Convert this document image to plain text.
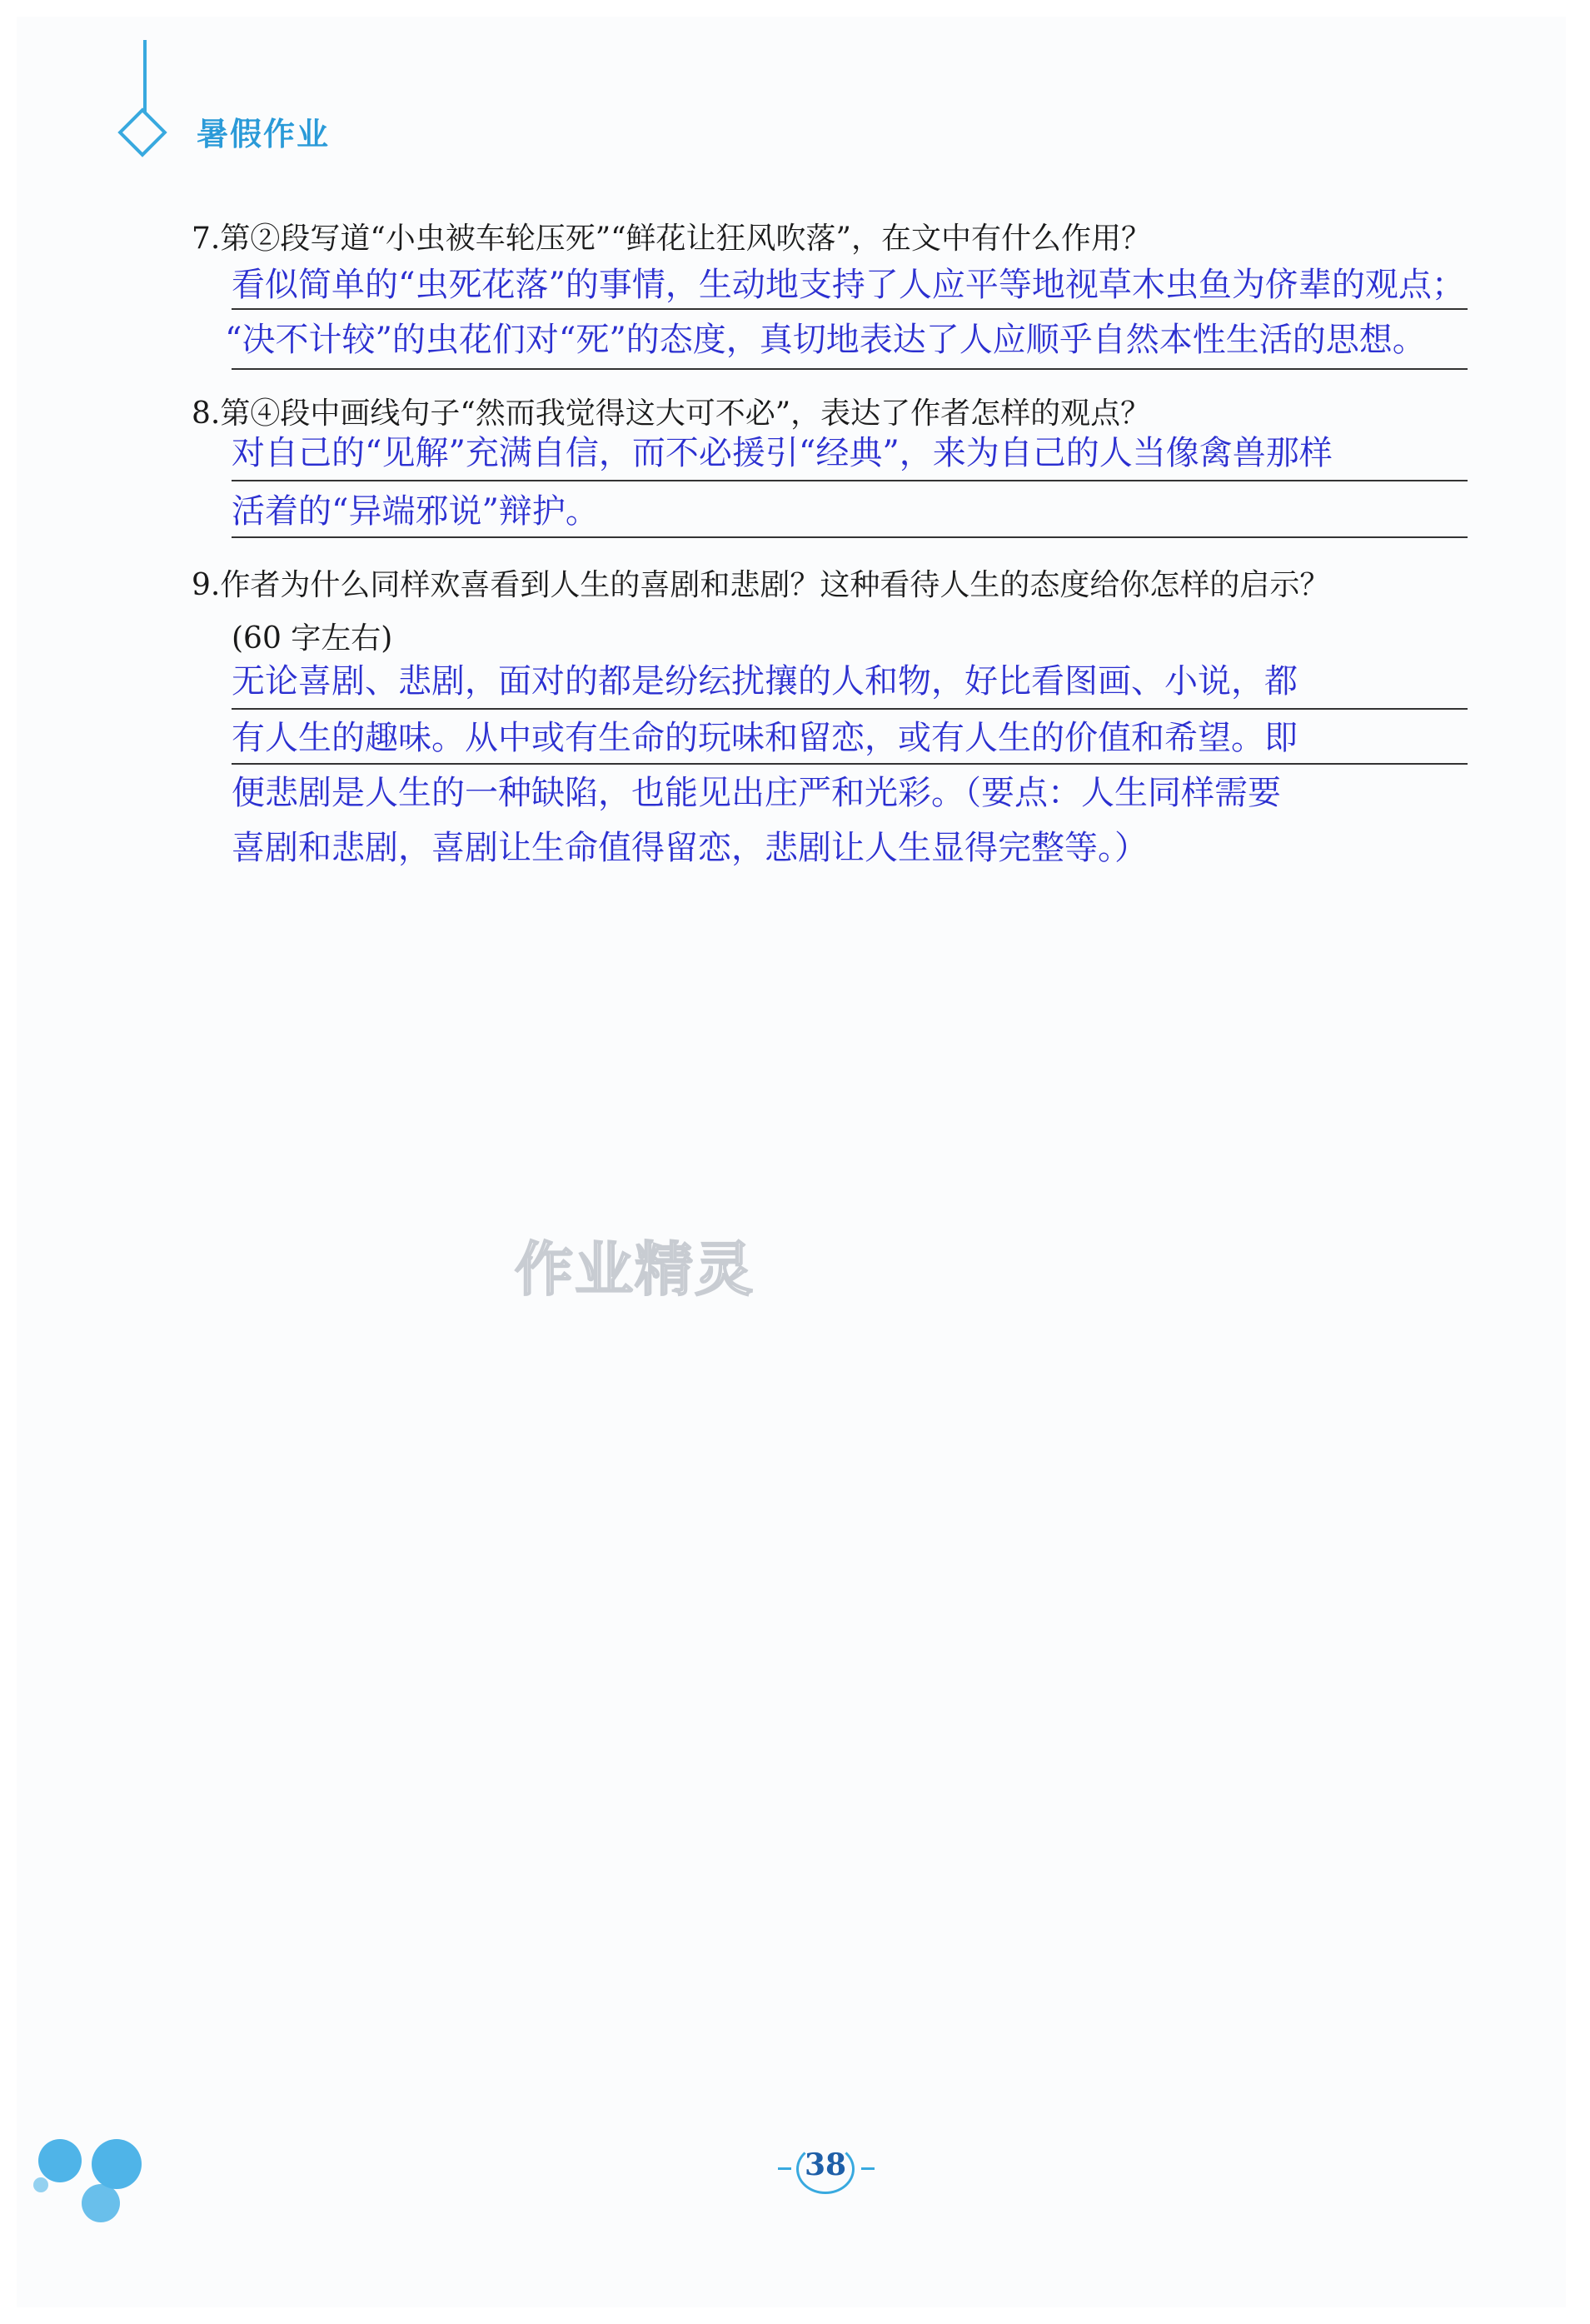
暑假作业
7.第②段写道“小虫被车轮压死”“鲜花让狂风吹落”，在文中有什么作用？
看似简单的“虫死花落”的事情，生动地支持了人应平等地视草木虫鱼为侪辈的观点；
“决不计较”的虫花们对“死”的态度，真切地表达了人应顺乎自然本性生活的思想。
8.第④段中画线句子“然而我觉得这大可不必”，表达了作者怎样的观点？
对自己的“见解”充满自信，而不必援引“经典”，来为自己的人当像禽兽那样
活着的“异端邪说”辩护。
9.作者为什么同样欢喜看到人生的喜剧和悲剧？这种看待人生的态度给你怎样的启示？
(60 字左右)
无论喜剧、悲剧，面对的都是纷纭扰攘的人和物，好比看图画、小说，都
有人生的趣味。从中或有生命的玩味和留恋，或有人生的价值和希望。即
便悲剧是人生的一种缺陷，也能见出庄严和光彩。（要点：人生同样需要
喜剧和悲剧，喜剧让生命值得留恋，悲剧让人生显得完整等。）
作业精灵
38
